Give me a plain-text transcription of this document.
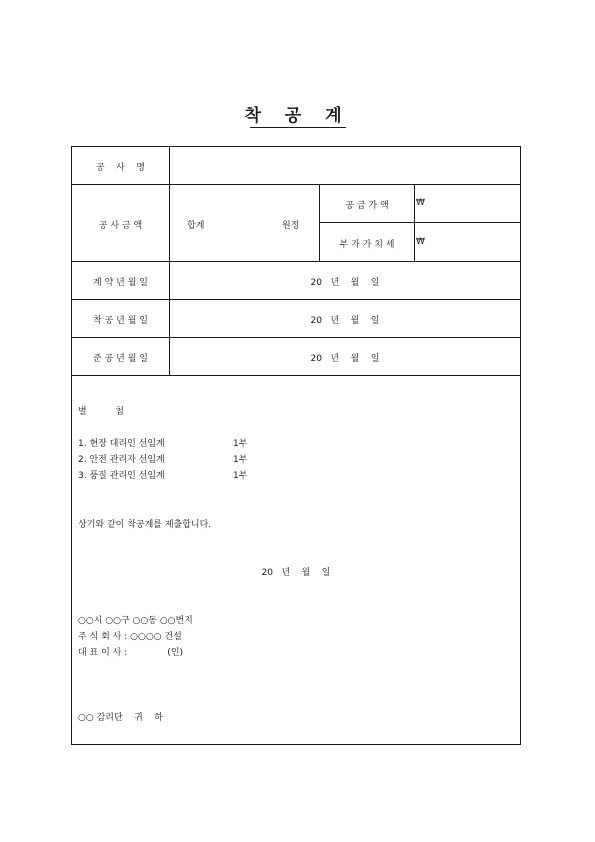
착 공 계
공    사    명
공 사 금 액	합계	원정
공 급 가 액	₩
부 가 가 치 세	₩
계 약 년 월 일	20   년    월    일
착 공 년 월 일	20   년    월    일
준 공 년 월 일	20   년    월    일
별          첨
1. 현장 대리인 선임계	1부
2. 안전 관리자 선임계	1부
3. 품질 관리인 선임계	1부
상기와 같이 착공계를 제출합니다.
20   년    월    일
○○시 ○○구 ○○동 ○○번지
주 식 회 사 : ○○○○ 건설
대 표 이 사 :              (인)
○○ 감리단    귀    하
